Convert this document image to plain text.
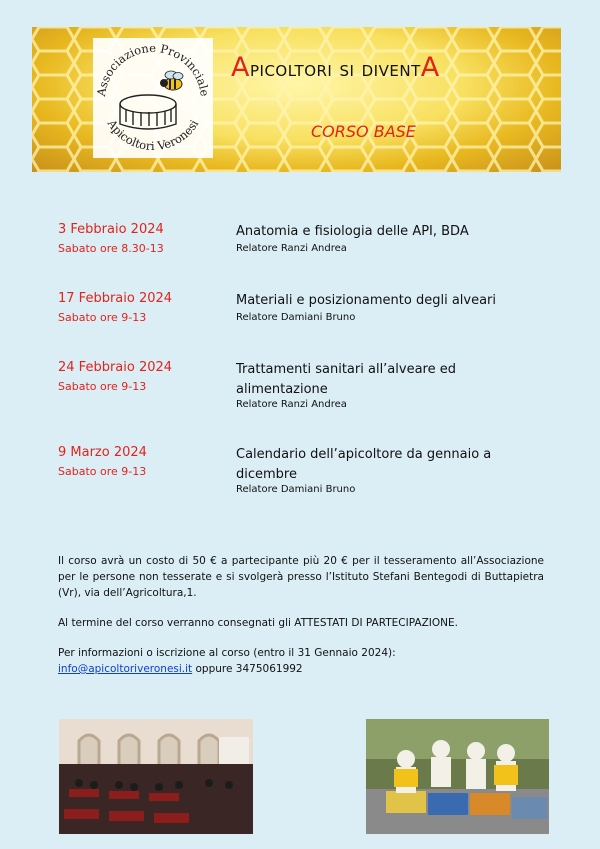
Associazione Provinciale
Apicoltori Veronesi
Apicoltori si diventA
CORSO BASE
3 Febbraio 2024
Sabato ore 8.30-13
Anatomia e fisiologia delle API, BDA
Relatore Ranzi Andrea
17 Febbraio 2024
Sabato ore 9-13
Materiali e posizionamento degli alveari
Relatore Damiani Bruno
24 Febbraio 2024
Sabato ore 9-13
Trattamenti sanitari all’alveare ed alimentazione
Relatore Ranzi Andrea
9 Marzo 2024
Sabato ore 9-13
Calendario dell’apicoltore da gennaio a dicembre
Relatore Damiani Bruno
Il corso avrà un costo di 50 € a partecipante più 20 € per il tesseramento all’Associazione per le persone non tesserate e si svolgerà presso l’Istituto Stefani Bentegodi di Buttapietra (Vr), via dell’Agricoltura,1.
Al termine del corso verranno consegnati gli ATTESTATI DI PARTECIPAZIONE.
Per informazioni o iscrizione al corso (entro il 31 Gennaio 2024):
info@apicoltoriveronesi.it oppure 3475061992
